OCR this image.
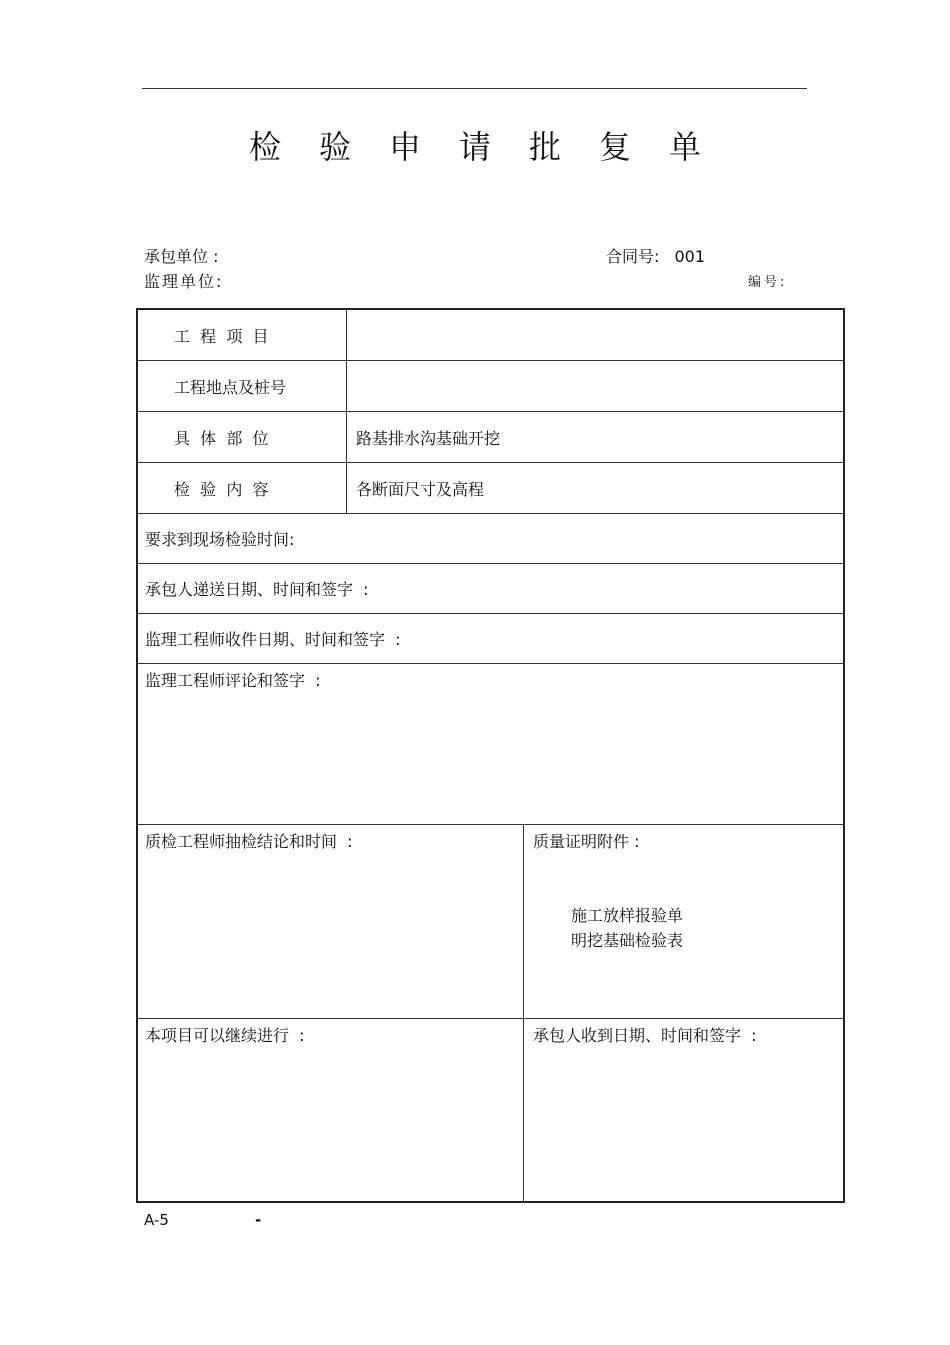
检验申请批复单
承包单位 :	合同号: 001
监理单位:	编号:
工  程  项  目
工程地点及桩号
具  体  部  位	路基排水沟基础开挖
检  验  内  容	各断面尺寸及高程
要求到现场检验时间:
承包人递送日期、时间和签字  :
监理工程师收件日期、时间和签字  :
监理工程师评论和签字  :
质检工程师抽检结论和时间  :	质量证明附件 :
施工放样报验单
明挖基础检验表
本项目可以继续进行  :	承包人收到日期、时间和签字  :
A-5	-
